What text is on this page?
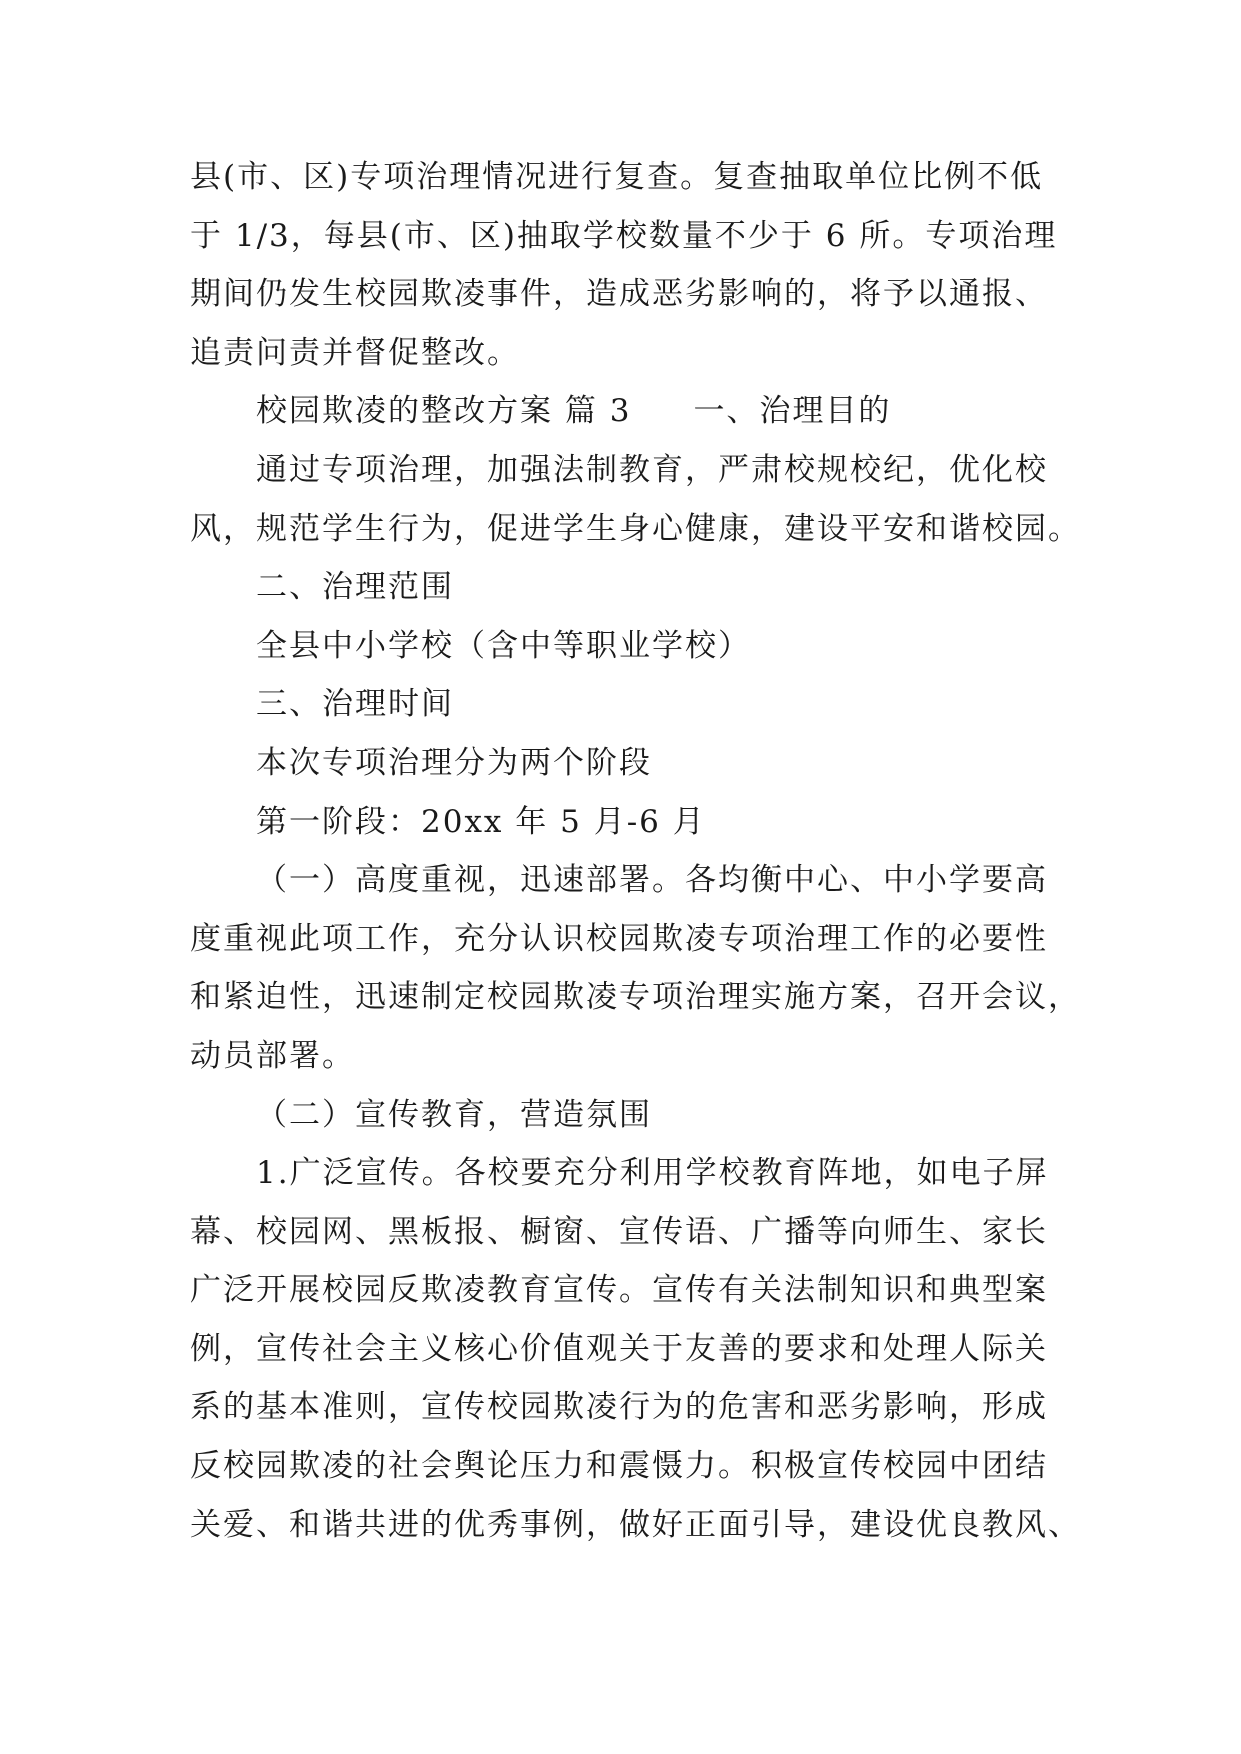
县(市、区)专项治理情况进行复查。复查抽取单位比例不低
于 1/3，每县(市、区)抽取学校数量不少于 6 所。专项治理
期间仍发生校园欺凌事件，造成恶劣影响的，将予以通报、
追责问责并督促整改。
校园欺凌的整改方案 篇 3 一、治理目的
通过专项治理，加强法制教育，严肃校规校纪，优化校
风，规范学生行为，促进学生身心健康，建设平安和谐校园。
二、治理范围
全县中小学校（含中等职业学校）
三、治理时间
本次专项治理分为两个阶段
第一阶段：20xx 年 5 月-6 月
（一）高度重视，迅速部署。各均衡中心、中小学要高
度重视此项工作，充分认识校园欺凌专项治理工作的必要性
和紧迫性，迅速制定校园欺凌专项治理实施方案，召开会议，
动员部署。
（二）宣传教育，营造氛围
1.广泛宣传。各校要充分利用学校教育阵地，如电子屏
幕、校园网、黑板报、橱窗、宣传语、广播等向师生、家长
广泛开展校园反欺凌教育宣传。宣传有关法制知识和典型案
例，宣传社会主义核心价值观关于友善的要求和处理人际关
系的基本准则，宣传校园欺凌行为的危害和恶劣影响，形成
反校园欺凌的社会舆论压力和震慑力。积极宣传校园中团结
关爱、和谐共进的优秀事例，做好正面引导，建设优良教风、
